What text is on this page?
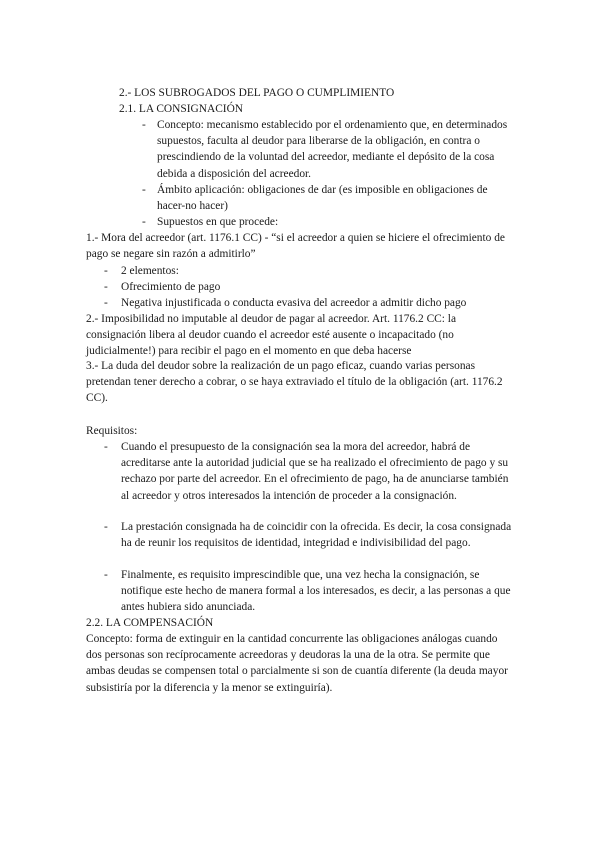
2.- LOS SUBROGADOS DEL PAGO O CUMPLIMIENTO

2.1. LA CONSIGNACIÓN

- Concepto: mecanismo establecido por el ordenamiento que, en determinados supuestos, faculta al deudor para liberarse de la obligación, en contra o prescindiendo de la voluntad del acreedor, mediante el depósito de la cosa debida a disposición del acreedor.

- Ámbito aplicación: obligaciones de dar (es imposible en obligaciones de hacer-no hacer)

- Supuestos en que procede:

1.- Mora del acreedor (art. 1176.1 CC) - “si el acreedor a quien se hiciere el ofrecimiento de pago se negare sin razón a admitirlo”

- 2 elementos:

- Ofrecimiento de pago

- Negativa injustificada o conducta evasiva del acreedor a admitir dicho pago

2.- Imposibilidad no imputable al deudor de pagar al acreedor. Art. 1176.2 CC: la consignación libera al deudor cuando el acreedor esté ausente o incapacitado (no judicialmente!) para recibir el pago en el momento en que deba hacerse

3.- La duda del deudor sobre la realización de un pago eficaz, cuando varias personas pretendan tener derecho a cobrar, o se haya extraviado el título de la obligación (art. 1176.2 CC).

Requisitos:

- Cuando el presupuesto de la consignación sea la mora del acreedor, habrá de acreditarse ante la autoridad judicial que se ha realizado el ofrecimiento de pago y su rechazo por parte del acreedor. En el ofrecimiento de pago, ha de anunciarse también al acreedor y otros interesados la intención de proceder a la consignación.

- La prestación consignada ha de coincidir con la ofrecida. Es decir, la cosa consignada ha de reunir los requisitos de identidad, integridad e indivisibilidad del pago.

- Finalmente, es requisito imprescindible que, una vez hecha la consignación, se notifique este hecho de manera formal a los interesados, es decir, a las personas a que antes hubiera sido anunciada.

2.2. LA COMPENSACIÓN

Concepto: forma de extinguir en la cantidad concurrente las obligaciones análogas cuando dos personas son recíprocamente acreedoras y deudoras la una de la otra. Se permite que ambas deudas se compensen total o parcialmente si son de cuantía diferente (la deuda mayor subsistiría por la diferencia y la menor se extinguiría).
